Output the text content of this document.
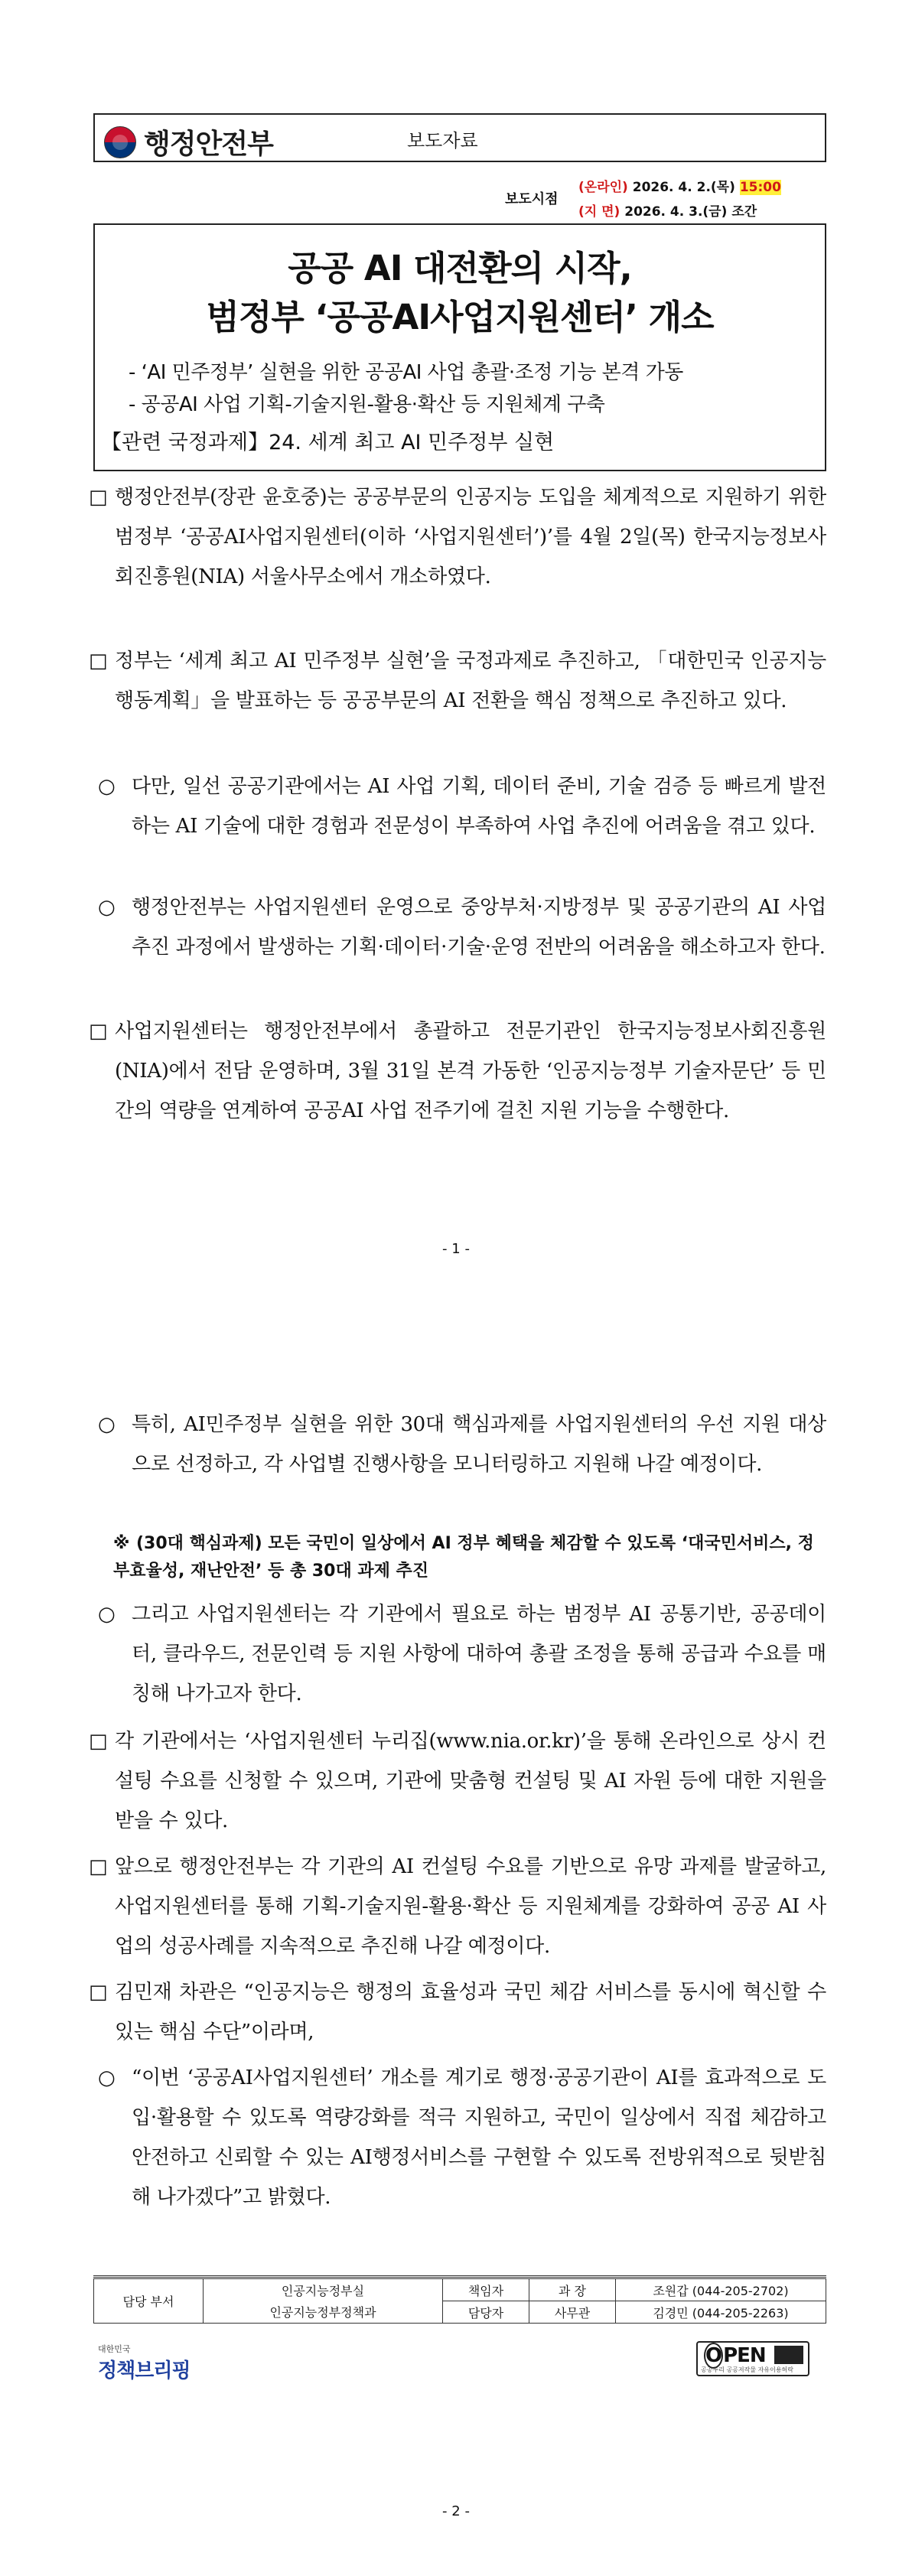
행정안전부	보도자료
보도시점
(온라인) 2026. 4. 2.(목) 15:00
(지 면) 2026. 4. 3.(금) 조간
공공 AI 대전환의 시작,
범정부 ‘공공AI사업지원센터’ 개소
- ‘AI 민주정부’ 실현을 위한 공공AI 사업 총괄·조정 기능 본격 가동
- 공공AI 사업 기획-기술지원-활용·확산 등 지원체계 구축
【관련 국정과제】24. 세계 최고 AI 민주정부 실현
□ 행정안전부(장관 윤호중)는 공공부문의 인공지능 도입을 체계적으로 지원하기 위한 범정부 ‘공공AI사업지원센터(이하 ‘사업지원센터’)’를 4월 2일(목) 한국지능정보사회진흥원(NIA) 서울사무소에서 개소하였다.
□ 정부는 ‘세계 최고 AI 민주정부 실현’을 국정과제로 추진하고, 「대한민국 인공지능 행동계획」을 발표하는 등 공공부문의 AI 전환을 핵심 정책으로 추진하고 있다.
○ 다만, 일선 공공기관에서는 AI 사업 기획, 데이터 준비, 기술 검증 등 빠르게 발전하는 AI 기술에 대한 경험과 전문성이 부족하여 사업 추진에 어려움을 겪고 있다.
○ 행정안전부는 사업지원센터 운영으로 중앙부처·지방정부 및 공공기관의 AI 사업 추진 과정에서 발생하는 기획·데이터·기술·운영 전반의 어려움을 해소하고자 한다.
□ 사업지원센터는 행정안전부에서 총괄하고 전문기관인 한국지능정보사회진흥원(NIA)에서 전담 운영하며, 3월 31일 본격 가동한 ‘인공지능정부 기술자문단’ 등 민간의 역량을 연계하여 공공AI 사업 전주기에 걸친 지원 기능을 수행한다.
- 1 -
○ 특히, AI민주정부 실현을 위한 30대 핵심과제를 사업지원센터의 우선 지원 대상으로 선정하고, 각 사업별 진행사항을 모니터링하고 지원해 나갈 예정이다.
※ (30대 핵심과제) 모든 국민이 일상에서 AI 정부 혜택을 체감할 수 있도록 ‘대국민서비스, 정부효율성, 재난안전’ 등 총 30대 과제 추진
○ 그리고 사업지원센터는 각 기관에서 필요로 하는 범정부 AI 공통기반, 공공데이터, 클라우드, 전문인력 등 지원 사항에 대하여 총괄 조정을 통해 공급과 수요를 매칭해 나가고자 한다.
□ 각 기관에서는 ‘사업지원센터 누리집(www.nia.or.kr)’을 통해 온라인으로 상시 컨설팅 수요를 신청할 수 있으며, 기관에 맞춤형 컨설팅 및 AI 자원 등에 대한 지원을 받을 수 있다.
□ 앞으로 행정안전부는 각 기관의 AI 컨설팅 수요를 기반으로 유망 과제를 발굴하고, 사업지원센터를 통해 기획-기술지원-활용·확산 등 지원체계를 강화하여 공공 AI 사업의 성공사례를 지속적으로 추진해 나갈 예정이다.
□ 김민재 차관은 “인공지능은 행정의 효율성과 국민 체감 서비스를 동시에 혁신할 수 있는 핵심 수단”이라며,
○ “이번 ‘공공AI사업지원센터’ 개소를 계기로 행정·공공기관이 AI를 효과적으로 도입·활용할 수 있도록 역량강화를 적극 지원하고, 국민이 일상에서 직접 체감하고 안전하고 신뢰할 수 있는 AI행정서비스를 구현할 수 있도록 전방위적으로 뒷받침해 나가겠다”고 밝혔다.
담당 부서	인공지능정부실	책임자	과 장	조원갑 (044-205-2702)
	인공지능정부정책과	담당자	사무관	김경민 (044-205-2263)
대한민국
정책브리핑
OPEN
공공누리 공공저작물 자유이용허락
- 2 -
